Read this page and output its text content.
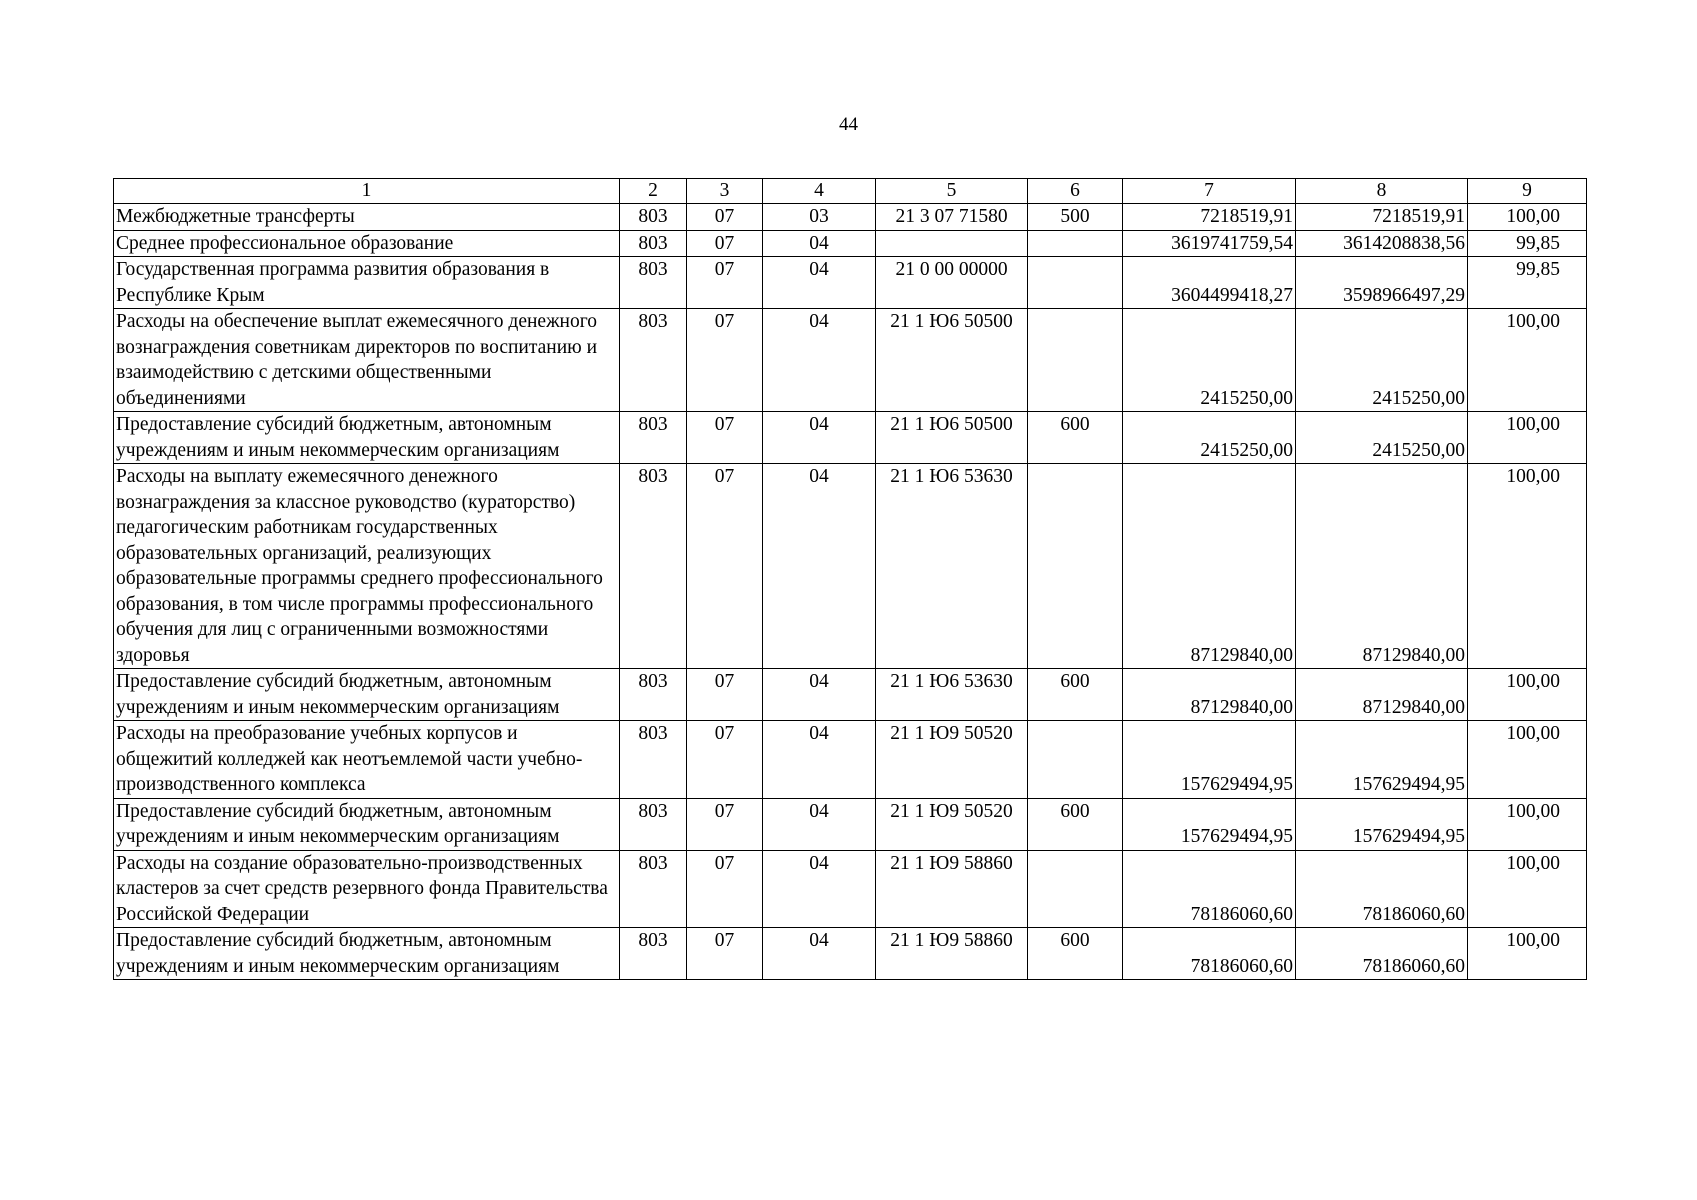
44
1	2	3	4	5	6	7	8	9
Межбюджетные трансферты	803	07	03	21 3 07 71580	500	7218519,91	7218519,91	100,00
Среднее профессиональное образование	803	07	04			3619741759,54	3614208838,56	99,85
Государственная программа развития образования в Республике Крым	803	07	04	21 0 00 00000		3604499418,27	3598966497,29	99,85
Расходы на обеспечение выплат ежемесячного денежного вознаграждения советникам директоров по воспитанию и взаимодействию с детскими общественными объединениями	803	07	04	21 1 Ю6 50500		2415250,00	2415250,00	100,00
Предоставление субсидий бюджетным, автономным учреждениям и иным некоммерческим организациям	803	07	04	21 1 Ю6 50500	600	2415250,00	2415250,00	100,00
Расходы на выплату ежемесячного денежного вознаграждения за классное руководство (кураторство) педагогическим работникам государственных образовательных организаций, реализующих образовательные программы среднего профессионального образования, в том числе программы профессионального обучения для лиц с ограниченными возможностями здоровья	803	07	04	21 1 Ю6 53630		87129840,00	87129840,00	100,00
Предоставление субсидий бюджетным, автономным учреждениям и иным некоммерческим организациям	803	07	04	21 1 Ю6 53630	600	87129840,00	87129840,00	100,00
Расходы на преобразование учебных корпусов и общежитий колледжей как неотъемлемой части учебно-производственного комплекса	803	07	04	21 1 Ю9 50520		157629494,95	157629494,95	100,00
Предоставление субсидий бюджетным, автономным учреждениям и иным некоммерческим организациям	803	07	04	21 1 Ю9 50520	600	157629494,95	157629494,95	100,00
Расходы на создание образовательно-производственных кластеров за счет средств резервного фонда Правительства Российской Федерации	803	07	04	21 1 Ю9 58860		78186060,60	78186060,60	100,00
Предоставление субсидий бюджетным, автономным учреждениям и иным некоммерческим организациям	803	07	04	21 1 Ю9 58860	600	78186060,60	78186060,60	100,00
